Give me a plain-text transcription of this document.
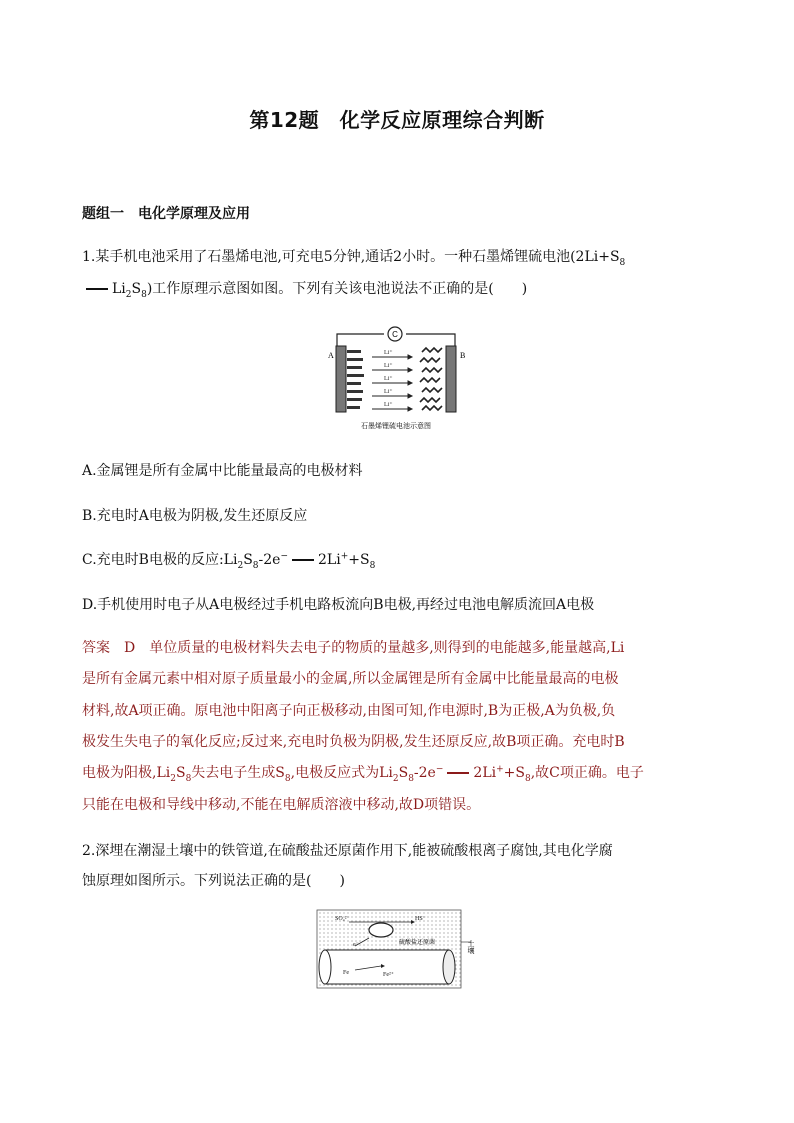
第12题　化学反应原理综合判断
题组一　电化学原理及应用
1.某手机电池采用了石墨烯电池,可充电5分钟,通话2小时。一种石墨烯锂硫电池($2Li+S_8$
$Li_2S_8$)工作原理示意图如图。下列有关该电池说法不正确的是(　　)
C
A	B
Li⁺
Li⁺
Li⁺
Li⁺
Li⁺
石墨烯锂硫电池示意图
A.金属锂是所有金属中比能量最高的电极材料
B.充电时A电极为阴极,发生还原反应
C.充电时B电极的反应$:Li_2S_8-2e^-$ $2Li^++S_8$
D.手机使用时电子从A电极经过手机电路板流向B电极,再经过电池电解质流回A电极
答案　D　单位质量的电极材料失去电子的物质的量越多,则得到的电能越多,能量越高,Li
是所有金属元素中相对原子质量最小的金属,所以金属锂是所有金属中比能量最高的电极
材料,故A项正确。原电池中阳离子向正极移动,由图可知,作电源时,B为正极,A为负极,负
极发生失电子的氧化反应;反过来,充电时负极为阴极,发生还原反应,故B项正确。充电时B
电极为阳极$,Li_2S_8$失去电子生成$S_8$,电极反应式为$Li_2S_8-2e^-$ $2Li^++S_8$,故C项正确。电子
只能在电极和导线中移动,不能在电解质溶液中移动,故D项错误。
2.深埋在潮湿土壤中的铁管道,在硫酸盐还原菌作用下,能被硫酸根离子腐蚀,其电化学腐
蚀原理如图所示。下列说法正确的是(　　)
SO₄²⁻	HS⁻
e⁻
Fe	Fe²⁺
硫酸盐还原菌	土壤
